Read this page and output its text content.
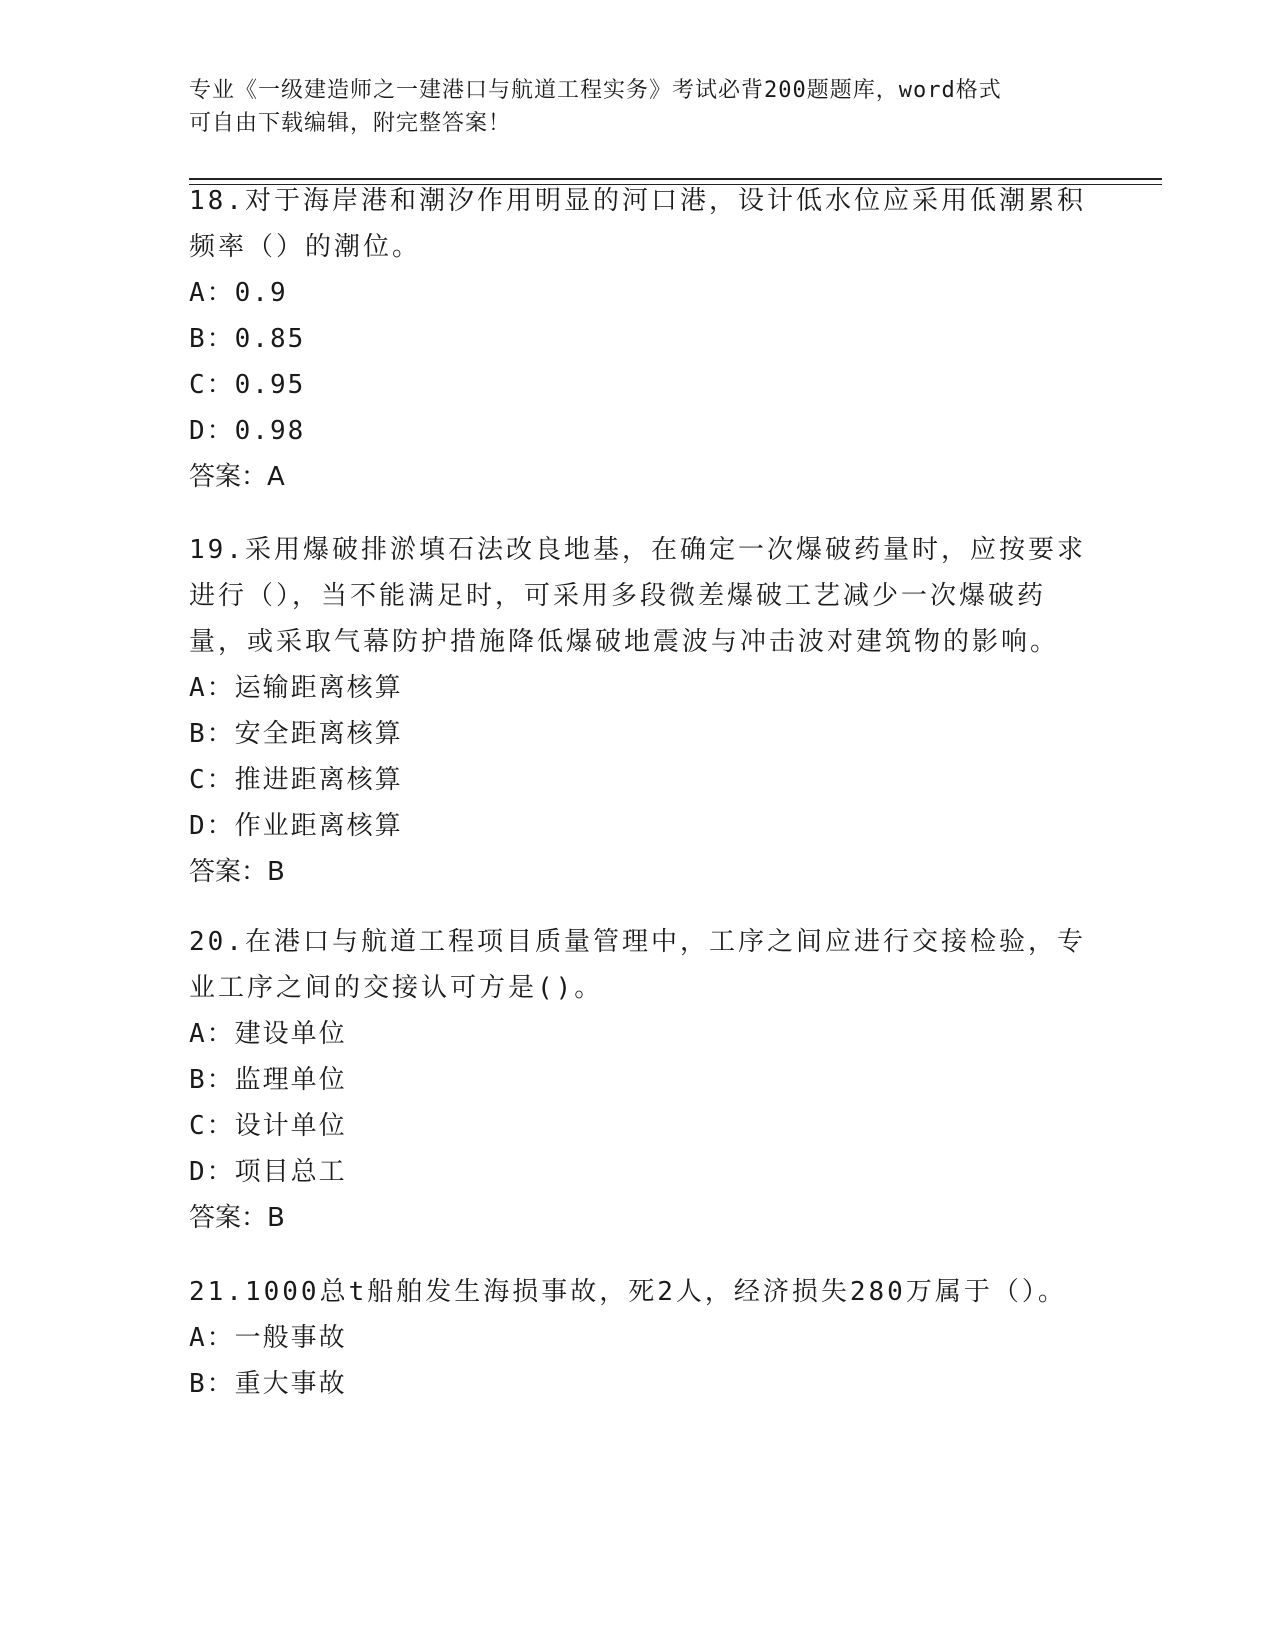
专业《一级建造师之一建港口与航道工程实务》考试必背200题题库，word格式
可自由下载编辑，附完整答案！
18.对于海岸港和潮汐作用明显的河口港，设计低水位应采用低潮累积
频率（）的潮位。
A：0.9
B：0.85
C：0.95
D：0.98
答案：A
19.采用爆破排淤填石法改良地基，在确定一次爆破药量时，应按要求
进行（），当不能满足时，可采用多段微差爆破工艺减少一次爆破药
量，或采取气幕防护措施降低爆破地震波与冲击波对建筑物的影响。
A：运输距离核算
B：安全距离核算
C：推进距离核算
D：作业距离核算
答案：B
20.在港口与航道工程项目质量管理中，工序之间应进行交接检验，专
业工序之间的交接认可方是()。
A：建设单位
B：监理单位
C：设计单位
D：项目总工
答案：B
21.1000总t船舶发生海损事故，死2人，经济损失280万属于（）。
A：一般事故
B：重大事故
